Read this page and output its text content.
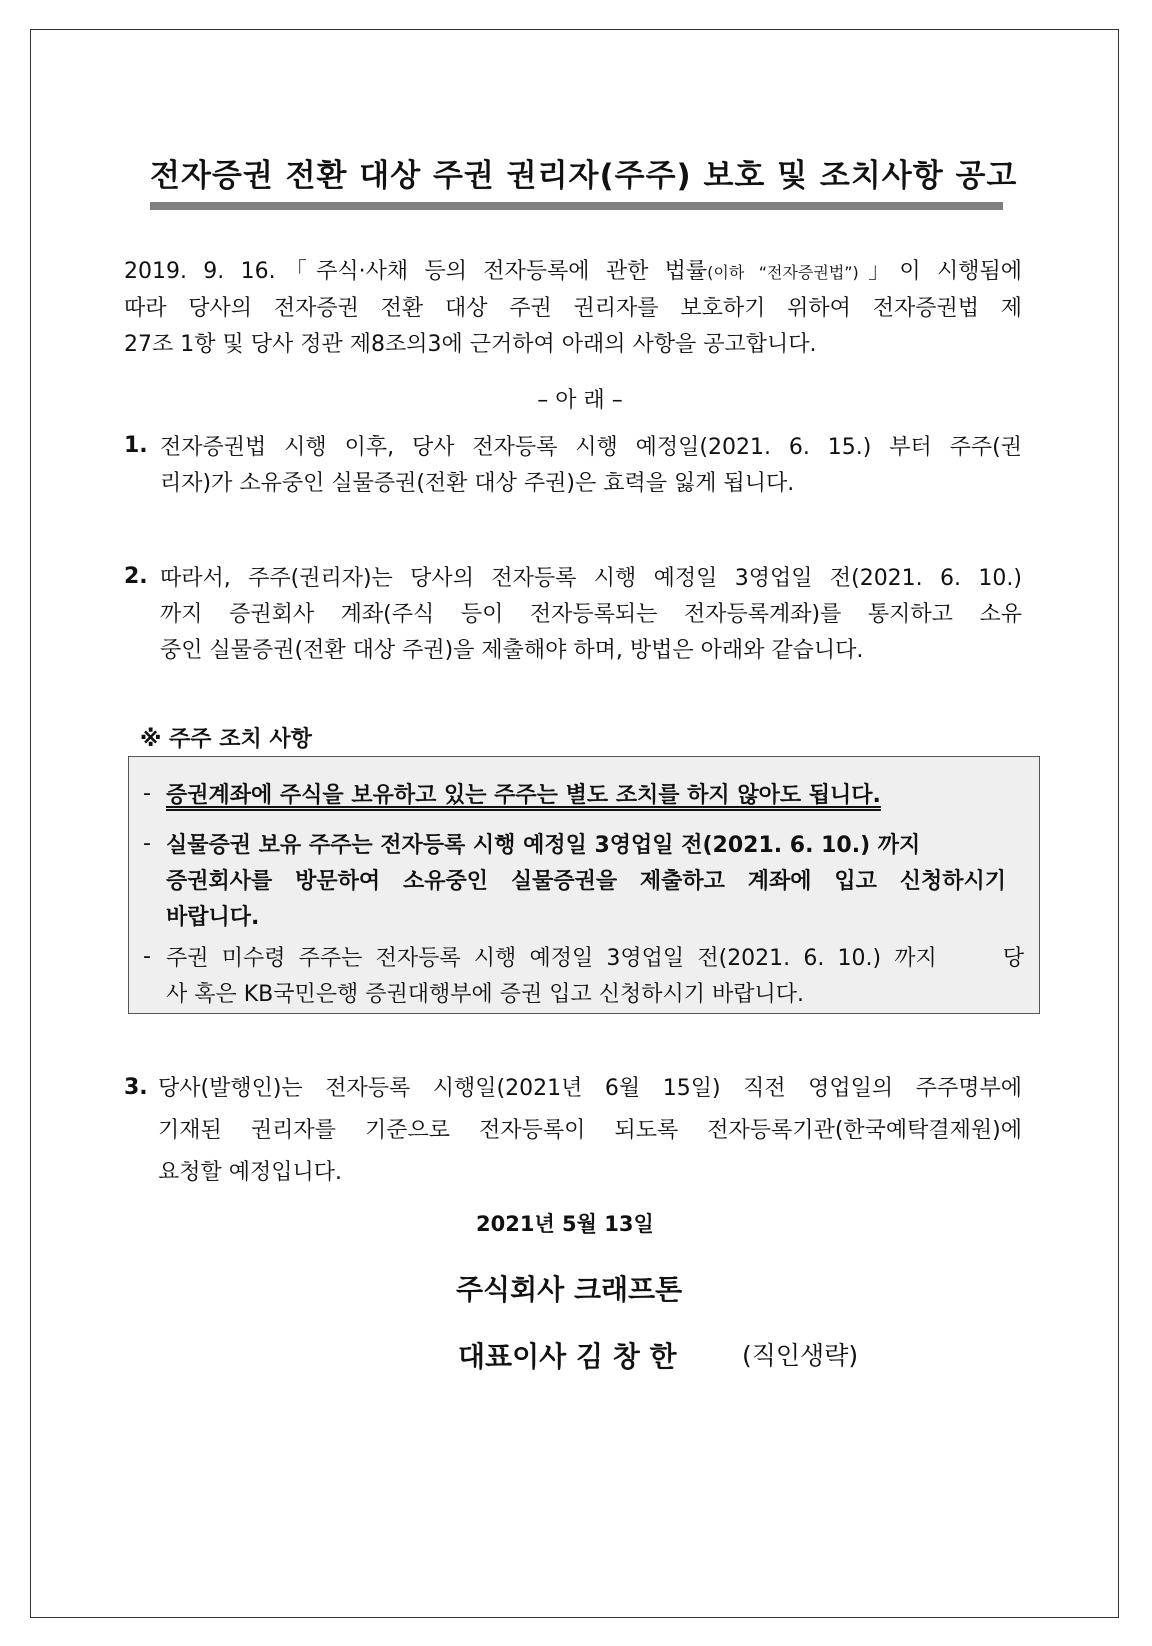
전자증권 전환 대상 주권 권리자(주주) 보호 및 조치사항 공고
2019. 9. 16.「주식·사채 등의 전자등록에 관한 법률(이하 “전자증권법”)」이 시행됨에
따라 당사의 전자증권 전환 대상 주권 권리자를 보호하기 위하여 전자증권법 제
27조 1항 및 당사 정관 제8조의3에 근거하여 아래의 사항을 공고합니다.
– 아 래 –
1. 전자증권법 시행 이후, 당사 전자등록 시행 예정일(2021. 6. 15.) 부터 주주(권
리자)가 소유중인 실물증권(전환 대상 주권)은 효력을 잃게 됩니다.
2. 따라서, 주주(권리자)는 당사의 전자등록 시행 예정일 3영업일 전(2021. 6. 10.)
까지 증권회사 계좌(주식 등이 전자등록되는 전자등록계좌)를 통지하고 소유
중인 실물증권(전환 대상 주권)을 제출해야 하며, 방법은 아래와 같습니다.
※ 주주 조치 사항
- 증권계좌에 주식을 보유하고 있는 주주는 별도 조치를 하지 않아도 됩니다.
- 실물증권 보유 주주는 전자등록 시행 예정일 3영업일 전(2021. 6. 10.) 까지
증권회사를 방문하여 소유중인 실물증권을 제출하고 계좌에 입고 신청하시기
바랍니다.
- 주권 미수령 주주는 전자등록 시행 예정일 3영업일 전(2021. 6. 10.) 까지     당
사 혹은 KB국민은행 증권대행부에 증권 입고 신청하시기 바랍니다.
3. 당사(발행인)는 전자등록 시행일(2021년 6월 15일) 직전 영업일의 주주명부에
기재된 권리자를 기준으로 전자등록이 되도록 전자등록기관(한국예탁결제원)에
요청할 예정입니다.
2021년 5월 13일
주식회사 크래프톤
대표이사 김 창 한	(직인생략)
